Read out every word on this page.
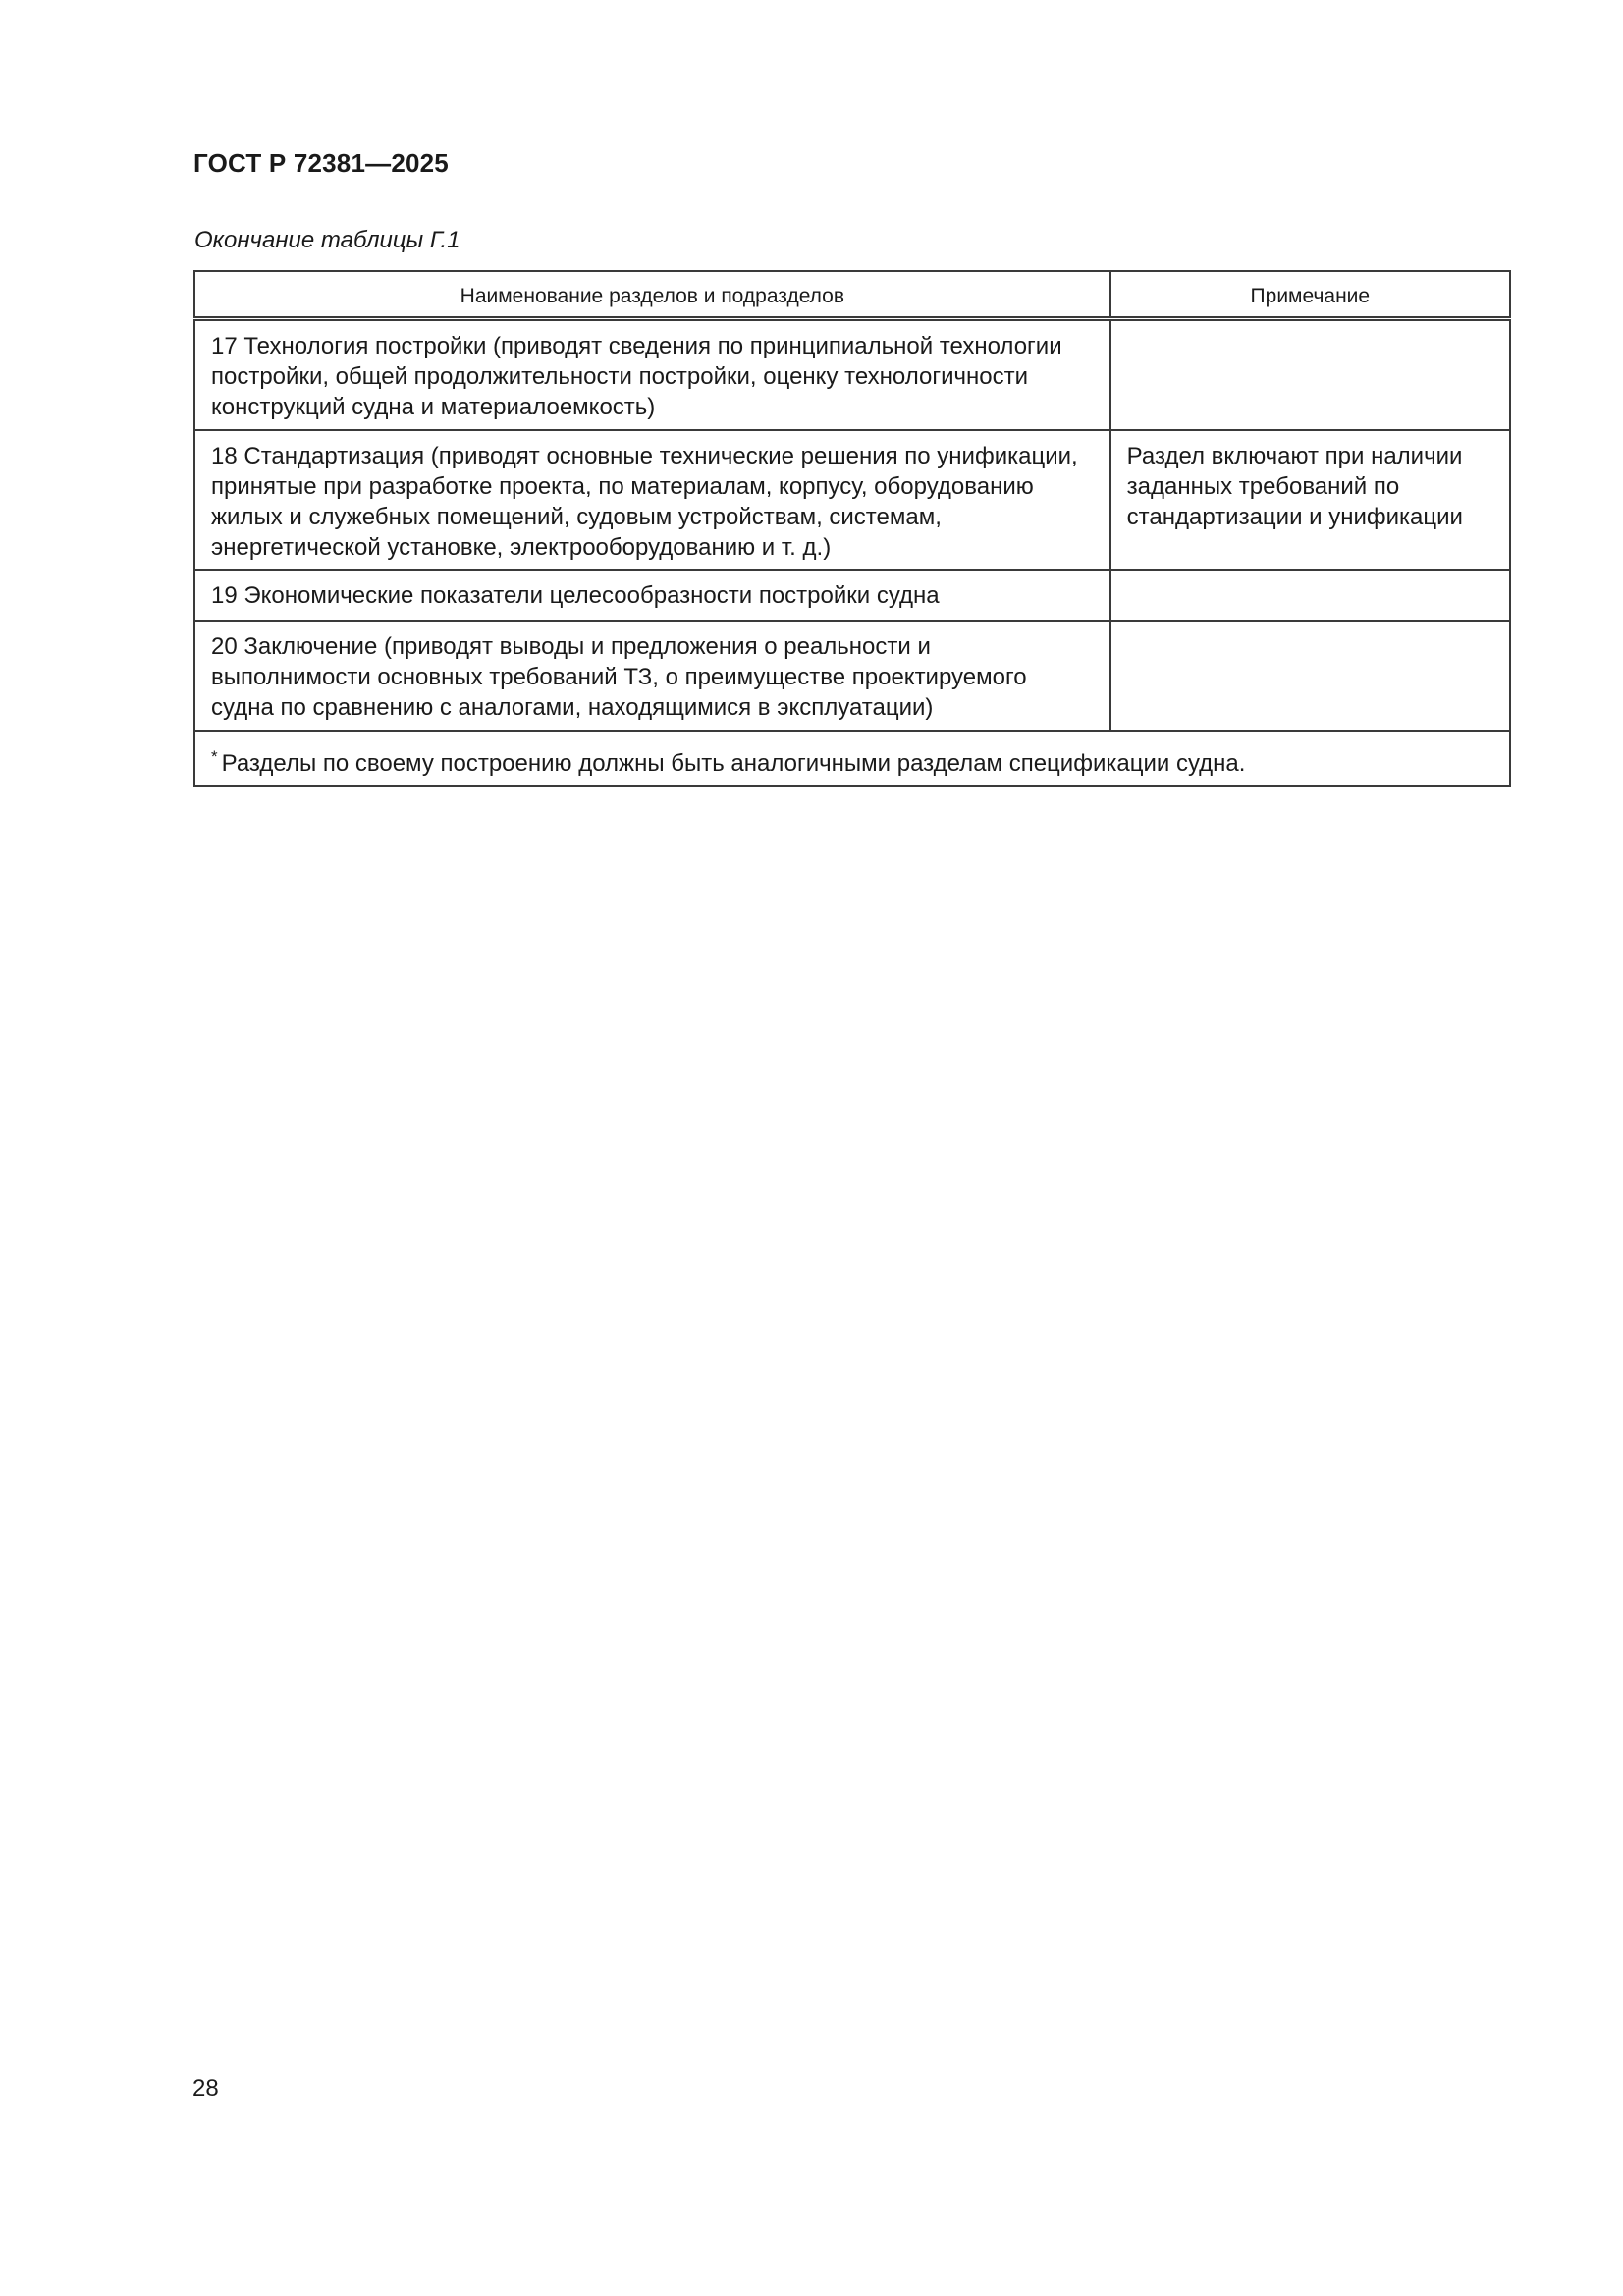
ГОСТ Р 72381—2025
Окончание таблицы Г.1
Наименование разделов и подразделов	Примечание
17 Технология постройки (приводят сведения по принципиальной технологии постройки, общей продолжительности постройки, оценку технологичности конструкций судна и материалоемкость)	
18 Стандартизация (приводят основные технические решения по унификации, принятые при разработке проекта, по материалам, корпусу, оборудованию жилых и служебных помещений, судовым устройствам, системам, энергетической установке, электрооборудованию и т. д.)	Раздел включают при наличии заданных требований по стандартизации и унификации
19 Экономические показатели целесообразности постройки судна	
20 Заключение (приводят выводы и предложения о реальности и выполнимости основных требований ТЗ, о преимуществе проектируемого судна по сравнению с аналогами, находящимися в эксплуатации)	
* Разделы по своему построению должны быть аналогичными разделам спецификации судна.	
28
